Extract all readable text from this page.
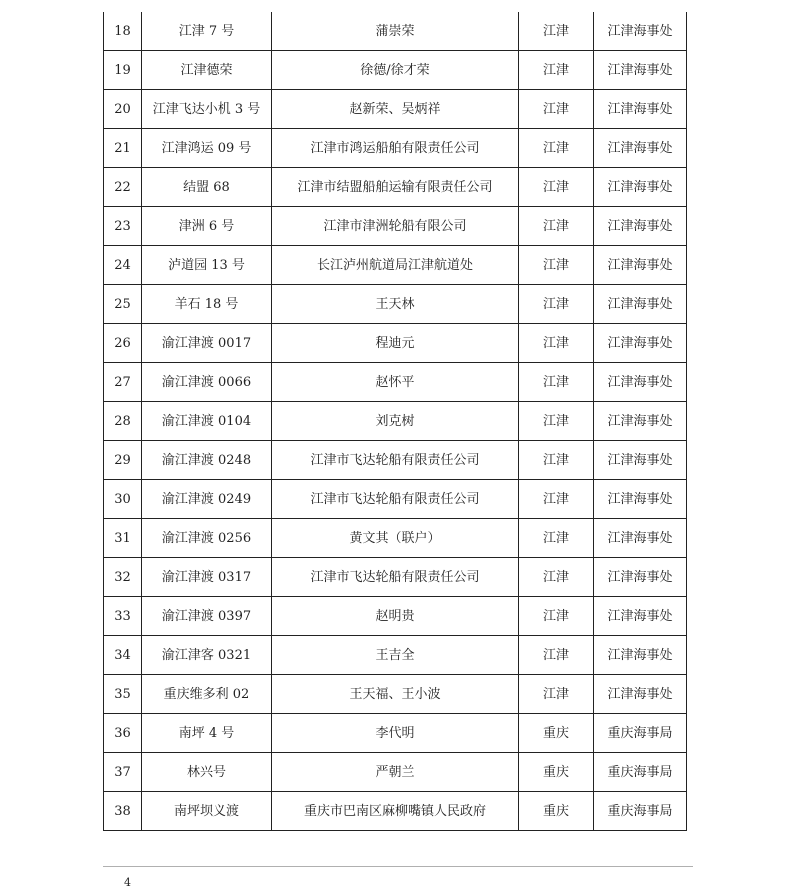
18	江津 7 号	蒲崇荣	江津	江津海事处
19	江津德荣	徐德/徐才荣	江津	江津海事处
20	江津飞达小机 3 号	赵新荣、吴炳祥	江津	江津海事处
21	江津鸿运 09 号	江津市鸿运船舶有限责任公司	江津	江津海事处
22	结盟 68	江津市结盟船舶运输有限责任公司	江津	江津海事处
23	津洲 6 号	江津市津洲轮船有限公司	江津	江津海事处
24	泸道园 13 号	长江泸州航道局江津航道处	江津	江津海事处
25	羊石 18 号	王天林	江津	江津海事处
26	渝江津渡 0017	程迪元	江津	江津海事处
27	渝江津渡 0066	赵怀平	江津	江津海事处
28	渝江津渡 0104	刘克树	江津	江津海事处
29	渝江津渡 0248	江津市飞达轮船有限责任公司	江津	江津海事处
30	渝江津渡 0249	江津市飞达轮船有限责任公司	江津	江津海事处
31	渝江津渡 0256	黄文其（联户）	江津	江津海事处
32	渝江津渡 0317	江津市飞达轮船有限责任公司	江津	江津海事处
33	渝江津渡 0397	赵明贵	江津	江津海事处
34	渝江津客 0321	王吉全	江津	江津海事处
35	重庆维多利 02	王天福、王小波	江津	江津海事处
36	南坪 4 号	李代明	重庆	重庆海事局
37	林兴号	严朝兰	重庆	重庆海事局
38	南坪坝义渡	重庆市巴南区麻柳嘴镇人民政府	重庆	重庆海事局
4
